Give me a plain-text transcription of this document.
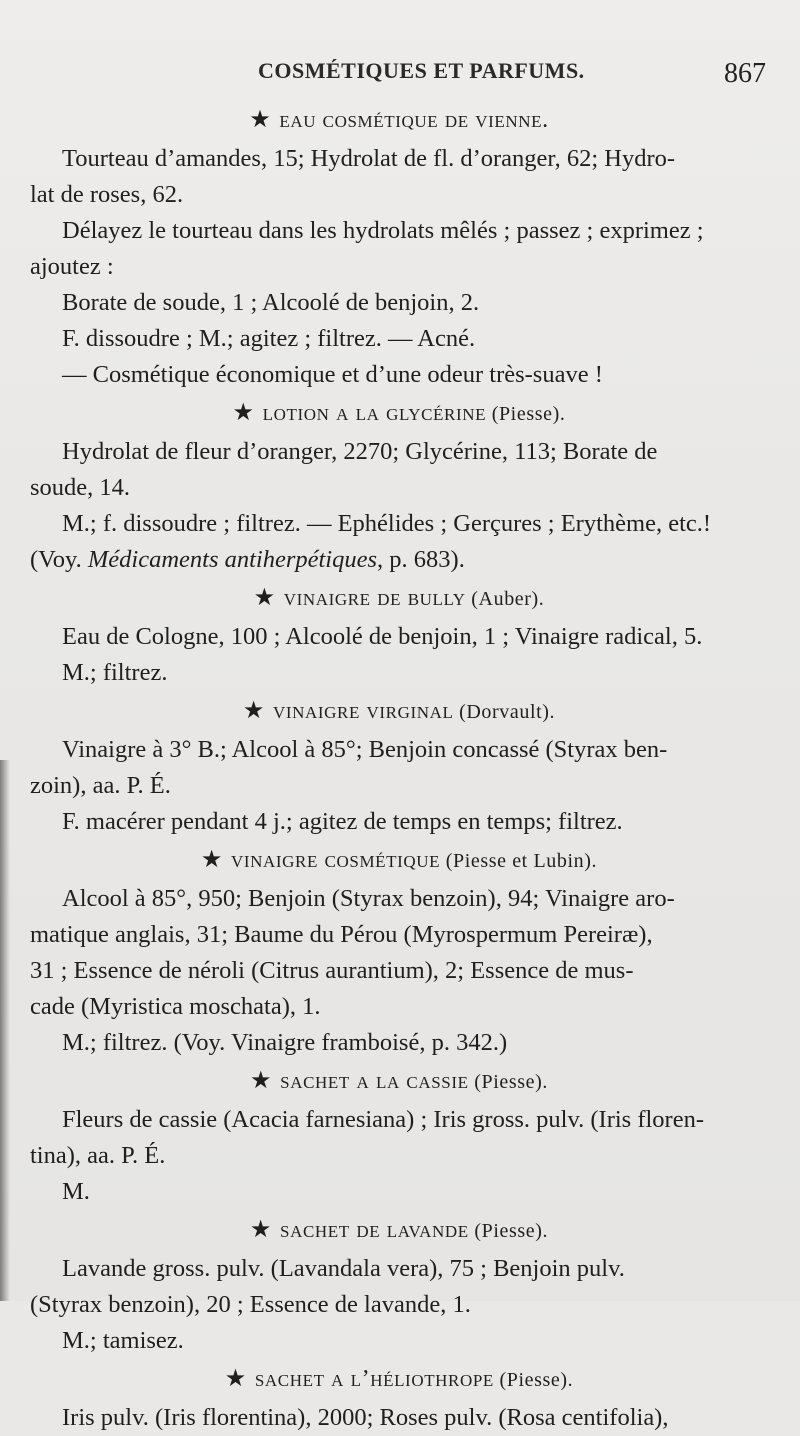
COSMÉTIQUES ET PARFUMS.	867
★ eau cosmétique de vienne.

Tourteau d’amandes, 15; Hydrolat de fl. d’oranger, 62; Hydro-

lat de roses, 62.

Délayez le tourteau dans les hydrolats mêlés ; passez ; exprimez ;

ajoutez :

Borate de soude, 1 ; Alcoolé de benjoin, 2.

F. dissoudre ; M.; agitez ; filtrez. — Acné.

— Cosmétique économique et d’une odeur très-suave !

★ lotion a la glycérine (Piesse).

Hydrolat de fleur d’oranger, 2270; Glycérine, 113; Borate de

soude, 14.

M.; f. dissoudre ; filtrez. — Ephélides ; Gerçures ; Erythème, etc.!

(Voy. Médicaments antiherpétiques, p. 683).

★ vinaigre de bully (Auber).

Eau de Cologne, 100 ; Alcoolé de benjoin, 1 ; Vinaigre radical, 5.

M.; filtrez.

★ vinaigre virginal (Dorvault).

Vinaigre à 3° B.; Alcool à 85°; Benjoin concassé (Styrax ben-

zoin), aa. P. É.

F. macérer pendant 4 j.; agitez de temps en temps; filtrez.

★ vinaigre cosmétique (Piesse et Lubin).

Alcool à 85°, 950; Benjoin (Styrax benzoin), 94; Vinaigre aro-

matique anglais, 31; Baume du Pérou (Myrospermum Pereiræ),

31 ; Essence de néroli (Citrus aurantium), 2; Essence de mus-

cade (Myristica moschata), 1.

M.; filtrez. (Voy. Vinaigre framboisé, p. 342.)

★ sachet a la cassie (Piesse).

Fleurs de cassie (Acacia farnesiana) ; Iris gross. pulv. (Iris floren-

tina), aa. P. É.

M.

★ sachet de lavande (Piesse).

Lavande gross. pulv. (Lavandala vera), 75 ; Benjoin pulv.

(Styrax benzoin), 20 ; Essence de lavande, 1.

M.; tamisez.

★ sachet a l’héliothrope (Piesse).

Iris pulv. (Iris florentina), 2000; Roses pulv. (Rosa centifolia),
